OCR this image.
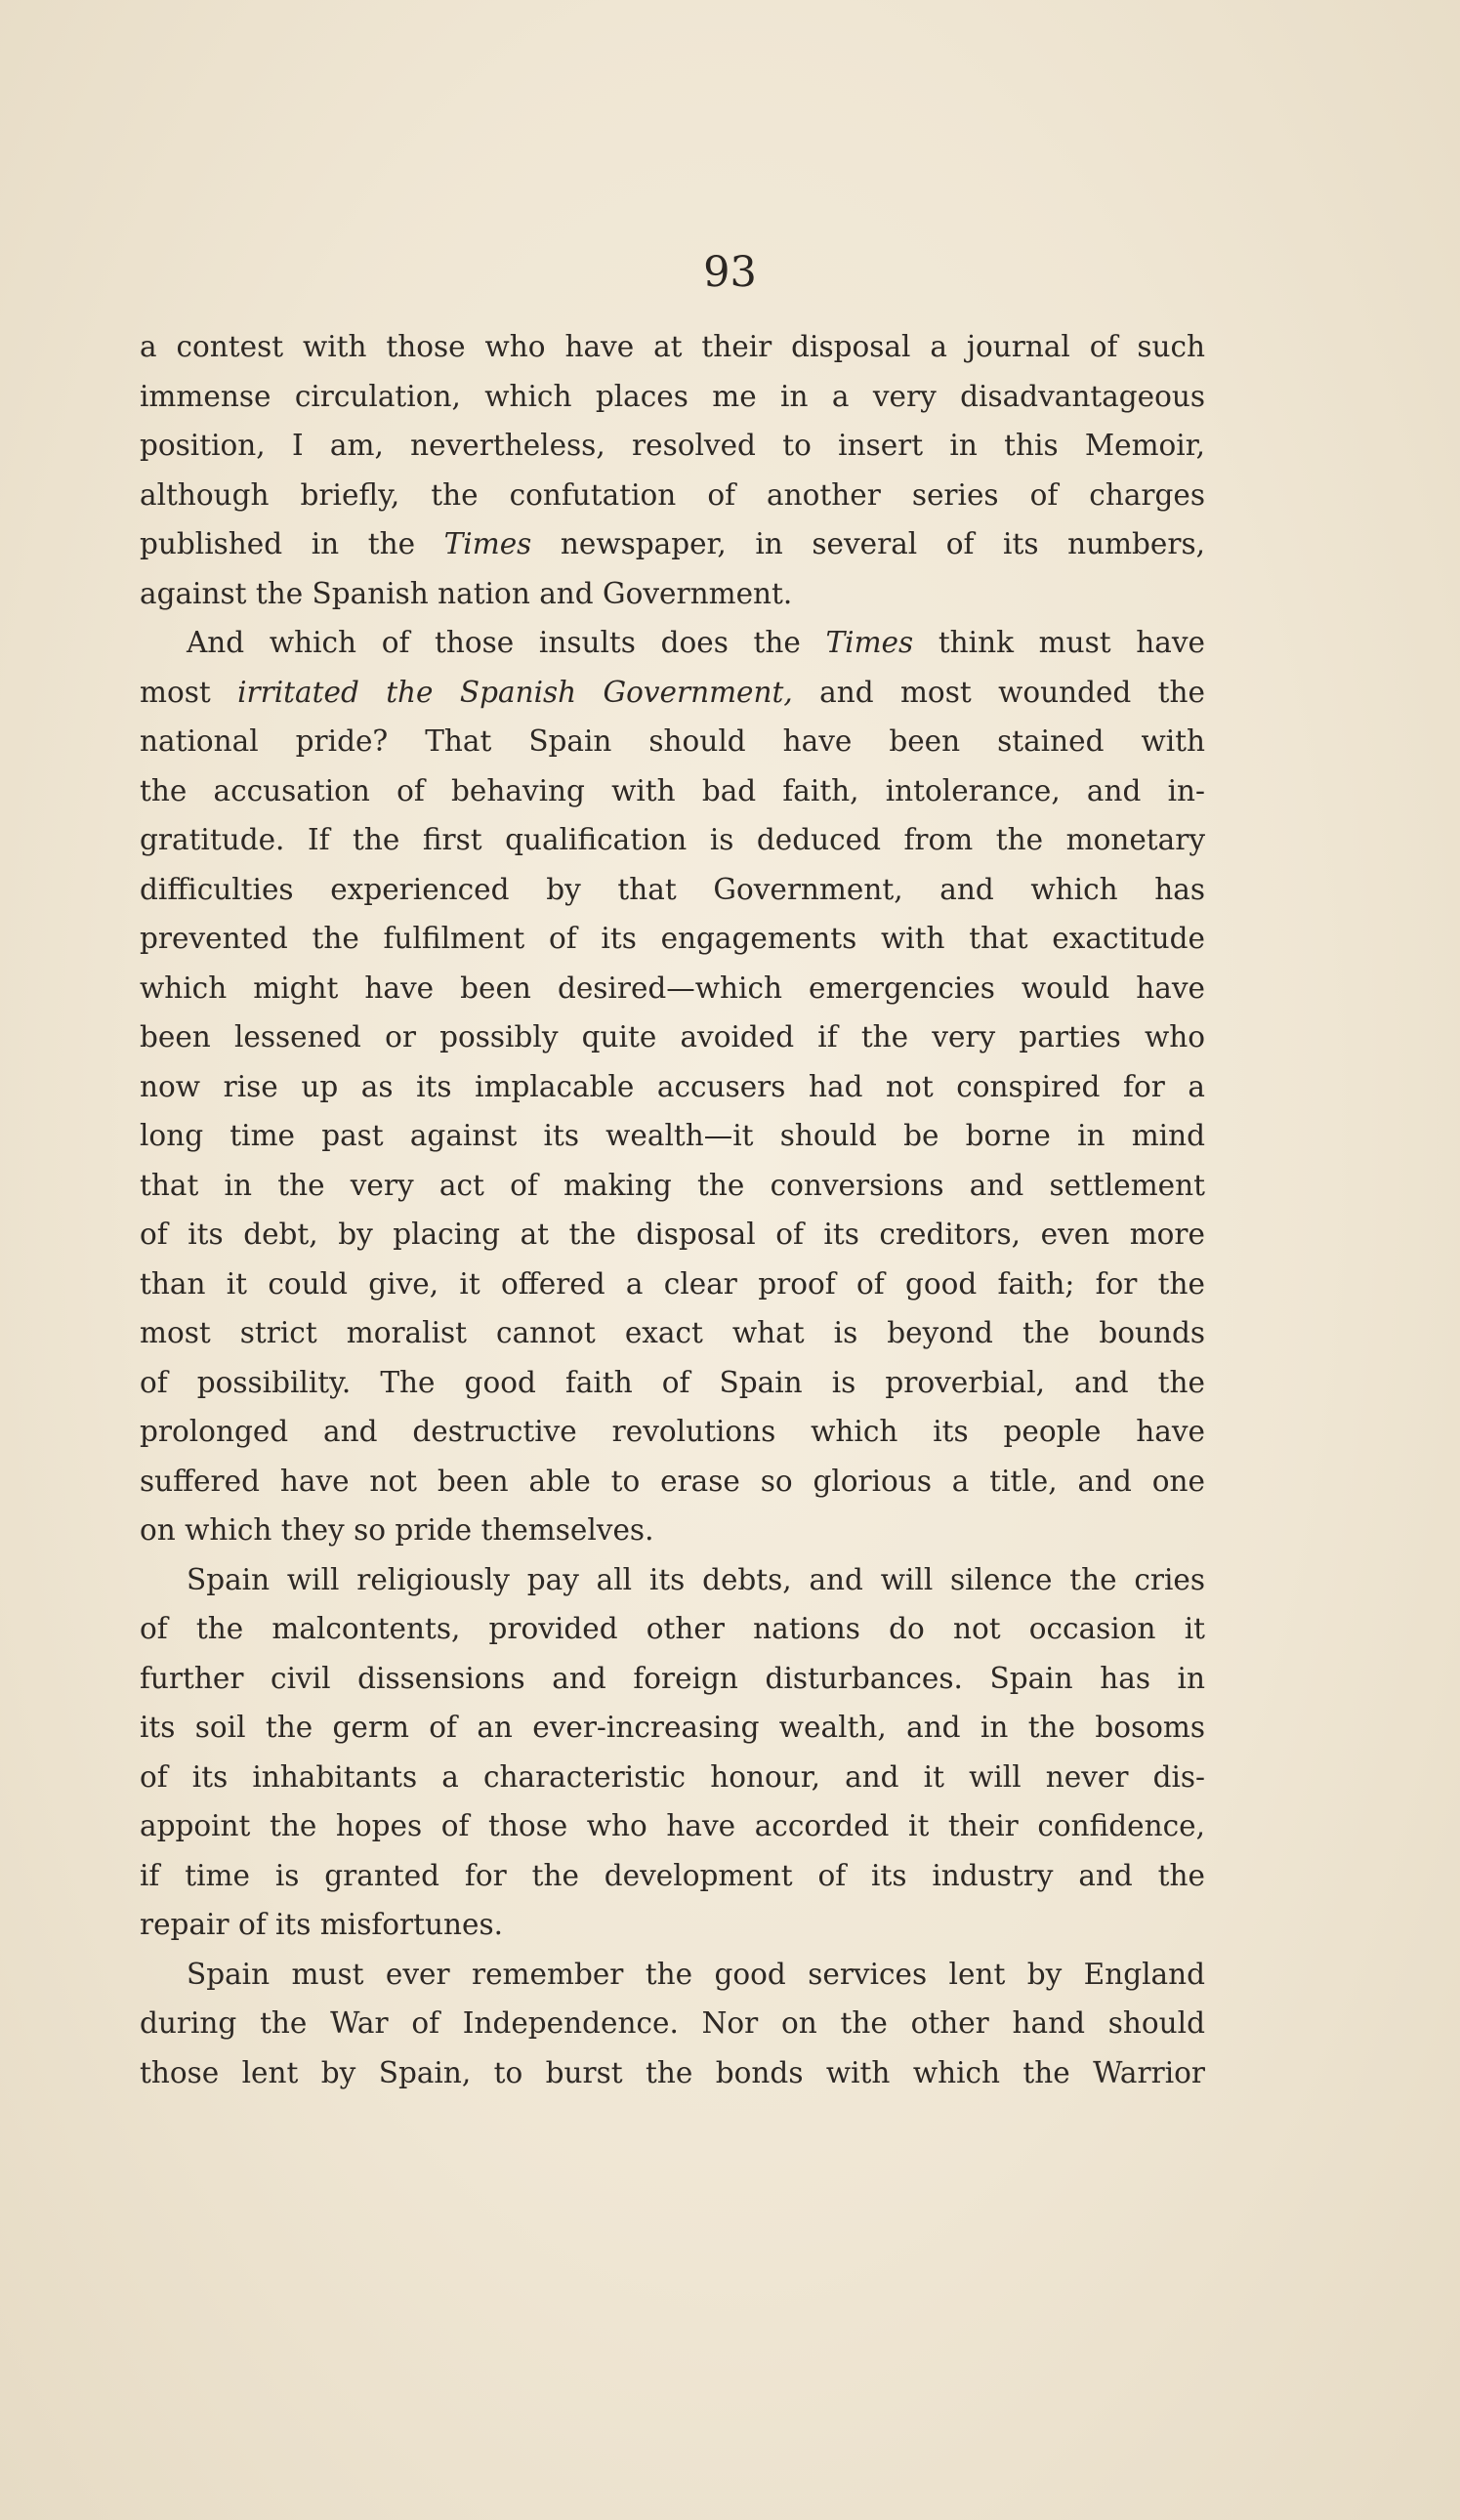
93
a contest with those who have at their disposal a journal of such
immense circulation, which places me in a very disadvantageous
position, I am, nevertheless, resolved to insert in this Memoir,
although briefly, the confutation of another series of charges
published in the Times newspaper, in several of its numbers,
against the Spanish nation and Government.
And which of those insults does the Times think must have
most irritated the Spanish Government, and most wounded the
national pride? That Spain should have been stained with
the accusation of behaving with bad faith, intolerance, and in-
gratitude. If the first qualification is deduced from the monetary
difficulties experienced by that Government, and which has
prevented the fulfilment of its engagements with that exactitude
which might have been desired—which emergencies would have
been lessened or possibly quite avoided if the very parties who
now rise up as its implacable accusers had not conspired for a
long time past against its wealth—it should be borne in mind
that in the very act of making the conversions and settlement
of its debt, by placing at the disposal of its creditors, even more
than it could give, it offered a clear proof of good faith; for the
most strict moralist cannot exact what is beyond the bounds
of possibility. The good faith of Spain is proverbial, and the
prolonged and destructive revolutions which its people have
suffered have not been able to erase so glorious a title, and one
on which they so pride themselves.
Spain will religiously pay all its debts, and will silence the cries
of the malcontents, provided other nations do not occasion it
further civil dissensions and foreign disturbances. Spain has in
its soil the germ of an ever-increasing wealth, and in the bosoms
of its inhabitants a characteristic honour, and it will never dis-
appoint the hopes of those who have accorded it their confidence,
if time is granted for the development of its industry and the
repair of its misfortunes.
Spain must ever remember the good services lent by England
during the War of Independence. Nor on the other hand should
those lent by Spain, to burst the bonds with which the Warrior
